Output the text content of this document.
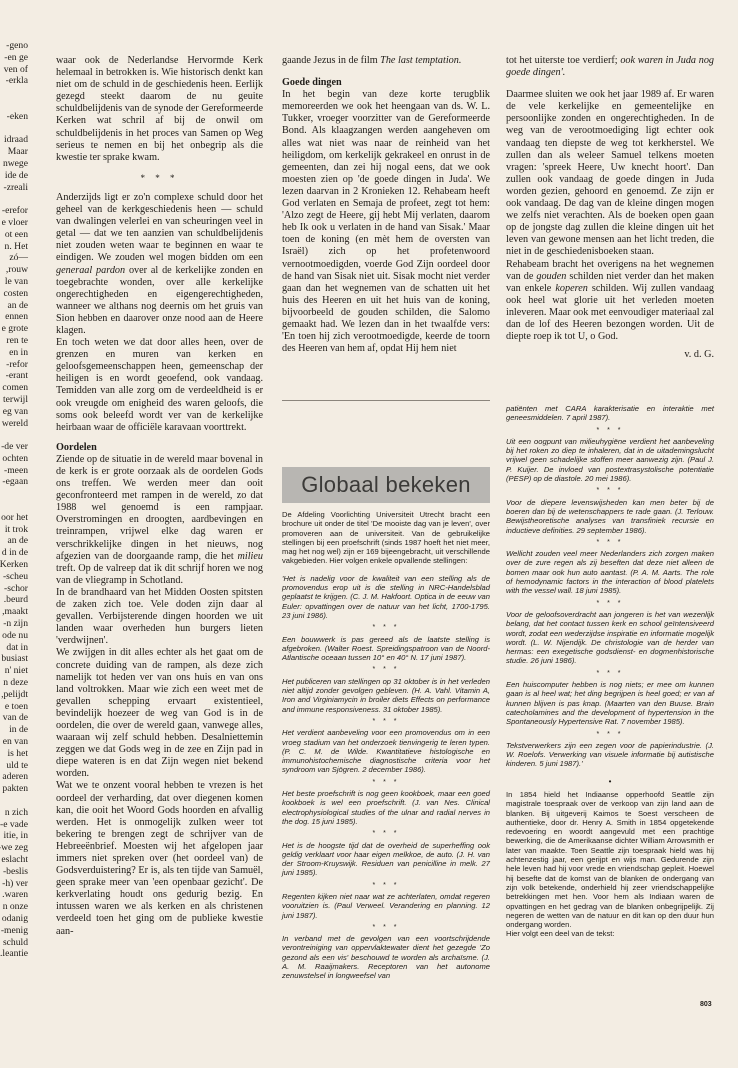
geno-
en ge-
ven of
erkla-

eken-

idraad
Maar
nwege
ide de
zreali-

erefor-
e vloer
ot een
n. Het
—zó
rouw,
le van
costen
an de
ennen
e grote
ren te
en in
refor-
erant-
comen
terwijl
eg van
wereld

de ver-
ochten
meen-
egaan-

oor het
it trok
an de
d in de
Kerken
scheu-
schor-
beurd.
maakt,
n zijn-
ode nu
dat in
busiast
n' niet
n deze
pelijdt,
e toen
van de
in de
en van
is het
uld te
aderen
pakten

n zich
e vade-
itie, in
we zeg
eslacht
beslis-
h) ver-
waren.
n onze
odanig
menig-
schuld
leantie.

waar ook de Nederlandse Hervormde Kerk helemaal in betrokken is. Wie historisch denkt kan niet om de schuld in de geschiedenis heen. Eerlijk gezegd steekt daarom de nu geuite schuldbelijdenis van de synode der Gereformeerde Kerken wat schril af bij de onwil om schuldbelijdenis in het proces van Samen op Weg serieus te nemen en bij het onbegrip als die kwestie ter sprake kwam.

* * *

Anderzijds ligt er zo'n complexe schuld door het geheel van de kerkgeschiedenis heen — schuld van dwalingen velerlei en van scheuringen veel in getal — dat we ten aanzien van schuldbelijdenis niet zouden weten waar te beginnen en waar te eindigen. We zouden wel mogen bidden om een generaal pardon over al de kerkelijke zonden en toegebrachte wonden, over alle kerkelijke ongerechtigheden en eigengerechtigheden, wanneer we althans nog deernis om het gruis van Sion hebben en daarover onze nood aan de Heere klagen.

En toch weten we dat door alles heen, over de grenzen en muren van kerken en geloofsgemeenschappen heen, gemeenschap der heiligen is en wordt geoefend, ook vandaag. Temidden van alle zorg om de verdeeldheid is er ook vreugde om enigheid des waren geloofs, die soms ook beleefd wordt ver van de kerkelijke heirbaan waar de officiële karavaan voorttrekt.

Oordelen

Ziende op de situatie in de wereld maar bovenal in de kerk is er grote oorzaak als de oordelen Gods ons treffen. We werden meer dan ooit geconfronteerd met rampen in de wereld, zo dat 1988 wel genoemd is een rampjaar. Overstromingen en droogten, aardbevingen en treinrampen, vrijwel elke dag waren er verschrikkelijke dingen in het nieuws, nog afgezien van de doorgaande ramp, die het milieu treft. Op de valreep dat ik dit schrijf horen we nog van de vliegramp in Schotland.

In de brandhaard van het Midden Oosten spitsten de zaken zich toe. Vele doden zijn daar al gevallen. Verbijsterende dingen hoorden we uit landen waar overheden hun burgers lieten 'verdwijnen'.

We zwijgen in dit alles echter als het gaat om de concrete duiding van de rampen, als deze zich namelijk tot heden ver van ons huis en van ons land voltrokken. Maar wie zich een weet met de gevallen schepping ervaart existentieel, bevindelijk hoezeer de weg van God is in de oordelen, die over de wereld gaan, vanwege alles, waaraan wij zelf schuld hebben. Desalniettemin zeggen we dat Gods weg in de zee en Zijn pad in diepe wateren is en dat Zijn wegen niet bekend worden.

Wat we te onzent vooral hebben te vrezen is het oordeel der verharding, dat over diegenen komen kan, die ooit het Woord Gods hoorden en afvallig werden. Het is onmogelijk zulken weer tot bekering te brengen zegt de schrijver van de Hebreeënbrief. Moesten wij het afgelopen jaar immers niet spreken over (het oordeel van) de Godsverduistering? Er is, als ten tijde van Samuël, geen sprake meer van 'een openbaar gezicht'. De kerkverlating houdt ons gedurig bezig. En intussen waren we als kerken en als christenen verdeeld toen het ging om de publieke kwestie aan-

gaande Jezus in de film The last temptation.

Goede dingen

In het begin van deze korte terugblik memoreerden we ook het heengaan van ds. W. L. Tukker, vroeger voorzitter van de Gereformeerde Bond. Als klaagzangen werden aangeheven om alles wat niet was naar de reinheid van het heiligdom, om kerkelijk gekrakeel en onrust in de gemeenten, dan zei hij nogal eens, dat we ook moesten zien op 'de goede dingen in Juda'. We lezen daarvan in 2 Kronieken 12. Rehabeam heeft God verlaten en Semaja de profeet, zegt tot hem: 'Alzo zegt de Heere, gij hebt Mij verlaten, daarom heb Ik ook u verlaten in de hand van Sisak.' Maar toen de koning (en mèt hem de oversten van Israël) zich op het profetenwoord vernootmoedigden, voerde God Zijn oordeel door de hand van Sisak niet uit. Sisak mocht niet verder gaan dan het wegnemen van de schatten uit het huis des Heeren en uit het huis van de koning, bijvoorbeeld de gouden schilden, die Salomo gemaakt had. We lezen dan in het twaalfde vers: 'En toen hij zich verootmoedigde, keerde de toorn des Heeren van hem af, opdat Hij hem niet

tot het uiterste toe verdierf; ook waren in Juda nog goede dingen'.

Daarmee sluiten we ook het jaar 1989 af. Er waren de vele kerkelijke en gemeentelijke en persoonlijke zonden en ongerechtigheden. In de weg van de verootmoediging ligt echter ook vandaag ten diepste de weg tot kerkherstel. We zullen dan als weleer Samuel telkens moeten vragen: 'spreek Heere, Uw knecht hoort'. Dan zullen ook vandaag de goede dingen in Juda worden gezien, gehoord en genoemd. Ze zijn er ook vandaag. De dag van de kleine dingen mogen we zelfs niet verachten. Als de boeken open gaan op de jongste dag zullen die kleine dingen uit het leven van gewone mensen aan het licht treden, die niet in de geschiedenisboeken staan.

Rehabeam bracht het overigens na het wegnemen van de gouden schilden niet verder dan het maken van enkele koperen schilden. Wij zullen vandaag ook heel wat glorie uit het verleden moeten inleveren. Maar ook met eenvoudiger materiaal zal dan de lof des Heeren bezongen worden. Uit de diepte roep ik tot U, o God.

v. d. G.

Globaal bekeken

De Afdeling Voorlichting Universiteit Utrecht bracht een brochure uit onder de titel 'De mooiste dag van je leven', over promoveren aan de universiteit. Van de gebruikelijke stellingen bij een proefschrift (sinds 1987 hoeft het niet meer, mag het nog wel) zijn er 169 bijeengebracht, uit verschillende vakgebieden. Hier volgen enkele opvallende stellingen:

'Het is nadelig voor de kwaliteit van een stelling als de promovendus erop uit is die stelling in NRC-Handelsblad geplaatst te krijgen. (C. J. M. Hakfoort. Optica in de eeuw van Euler: opvattingen over de natuur van het licht, 1700-1795. 23 juni 1986).

* * *

Een bouwwerk is pas gereed als de laatste stelling is afgebroken. (Walter Roest. Spreidingspatroon van de Noord-Atlantische oceaan tussen 10° en 40° N. 17 juni 1987).

* * *

Het publiceren van stellingen op 31 oktober is in het verleden niet altijd zonder gevolgen gebleven. (H. A. Vahl. Vitamin A, Iron and Virginiamycin in broiler diets Effects on performance and immune responsiveness. 31 oktober 1985).

* * *

Het verdient aanbeveling voor een promovendus om in een vroeg stadium van het onderzoek tienvingerig te leren typen. (P. C. M. de Wilde. Kwantitatieve histologische en immunohistochemische diagnostische criteria voor het syndroom van Sjögren. 2 december 1986).

* * *

Het beste proefschrift is nog geen kookboek, maar een goed kookboek is wel een proefschrift. (J. van Nes. Clinical electrophysiological studies of the ulnar and radial nerves in the dog. 15 juni 1985).

* * *

Het is de hoogste tijd dat de overheid de superheffing ook geldig verklaart voor haar eigen melkkoe, de auto. (J. H. van der Stroom-Kruyswijk. Residuen van penicilline in melk. 27 juni 1985).

* * *

Regenten kijken niet naar wat ze achterlaten, omdat regeren vooruitzien is. (Paul Verweel. Verandering en planning. 12 juni 1987).

* * *

In verband met de gevolgen van een voortschrijdende verontreiniging van oppervlaktewater dient het gezegde 'Zo gezond als een vis' beschouwd te worden als archaïsme. (J. A. M. Raaijmakers. Receptoren van het autonome zenuwstelsel in longweefsel van

patiënten met CARA karakterisatie en interaktie met geneesmiddelen. 7 april 1987).

* * *

Uit een oogpunt van milieuhygiëne verdient het aanbeveling bij het roken zo diep te inhaleren, dat in de uitademingslucht vrijwel geen schadelijke stoffen meer aanwezig zijn. (Paul J. P. Kuijer. De invloed van postextrasystolische potentiatie (PESP) op de diastole. 20 mei 1986).

* * *

Voor de diepere levenswijsheden kan men beter bij de boeren dan bij de wetenschappers te rade gaan. (J. Terlouw. Bewijstheoretische analyses van transfiniek recursie en inductieve definities. 29 september 1986).

* * *

Wellicht zouden veel meer Nederlanders zich zorgen maken over de zure regen als zij beseften dat deze niet alleen de bomen maar ook hun auto aantast. (P. A. M. Aarts. The role of hemodynamic factors in the interaction of blood platelets with the vessel wall. 18 juni 1985).

* * *

Voor de geloofsoverdracht aan jongeren is het van wezenlijk belang, dat het contact tussen kerk en school geïntensiveerd wordt, zodat een wederzijdse inspiratie en informatie mogelijk wordt. (L. W. Nijendijk. De christologie van de herder van hermas: een exegetische godsdienst- en dogmenhistorische studie. 26 juni 1986).

* * *

Een huiscomputer hebben is nog niets; er mee om kunnen gaan is al heel wat; het ding begrijpen is heel goed; er van af kunnen blijven is pas knap. (Maarten van den Buuse. Brain catecholamines and the development of hypertension in the Spontaneously Hypertensive Rat. 7 november 1985).

* * *

Tekstverwerkers zijn een zegen voor de papierindustrie. (J. W. Roelofs. Verwerking van visuele informatie bij autistische kinderen. 5 juni 1987).'

•

In 1854 hield het Indiaanse opperhoofd Seattle zijn magistrale toespraak over de verkoop van zijn land aan de blanken. Bij uitgeverij Kaimos te Soest verscheen de authentieke, door dr. Henry A. Smith in 1854 opgetekende redevoering en woordt aangevuld met een prachtige bewerking, die de Amerikaanse dichter William Arrowsmith er later van maakte. Toen Seattle zijn toespraak hield was hij achtenzestig jaar, een gerijpt en wijs man. Gedurende zijn hele leven had hij voor vrede en vriendschap gepleit. Hoewel hij besefte dat de komst van de blanken de ondergang van zijn volk betekende, onderhield hij zeer vriendschappelijke betrekkingen met hen. Voor hem als Indiaan waren de opvattingen en het gedrag van de blanken onbegrijpelijk. Zij negeren de wetten van de natuur en dit kan op den duur hun ondergang worden.

Hier volgt een deel van de tekst:

803
